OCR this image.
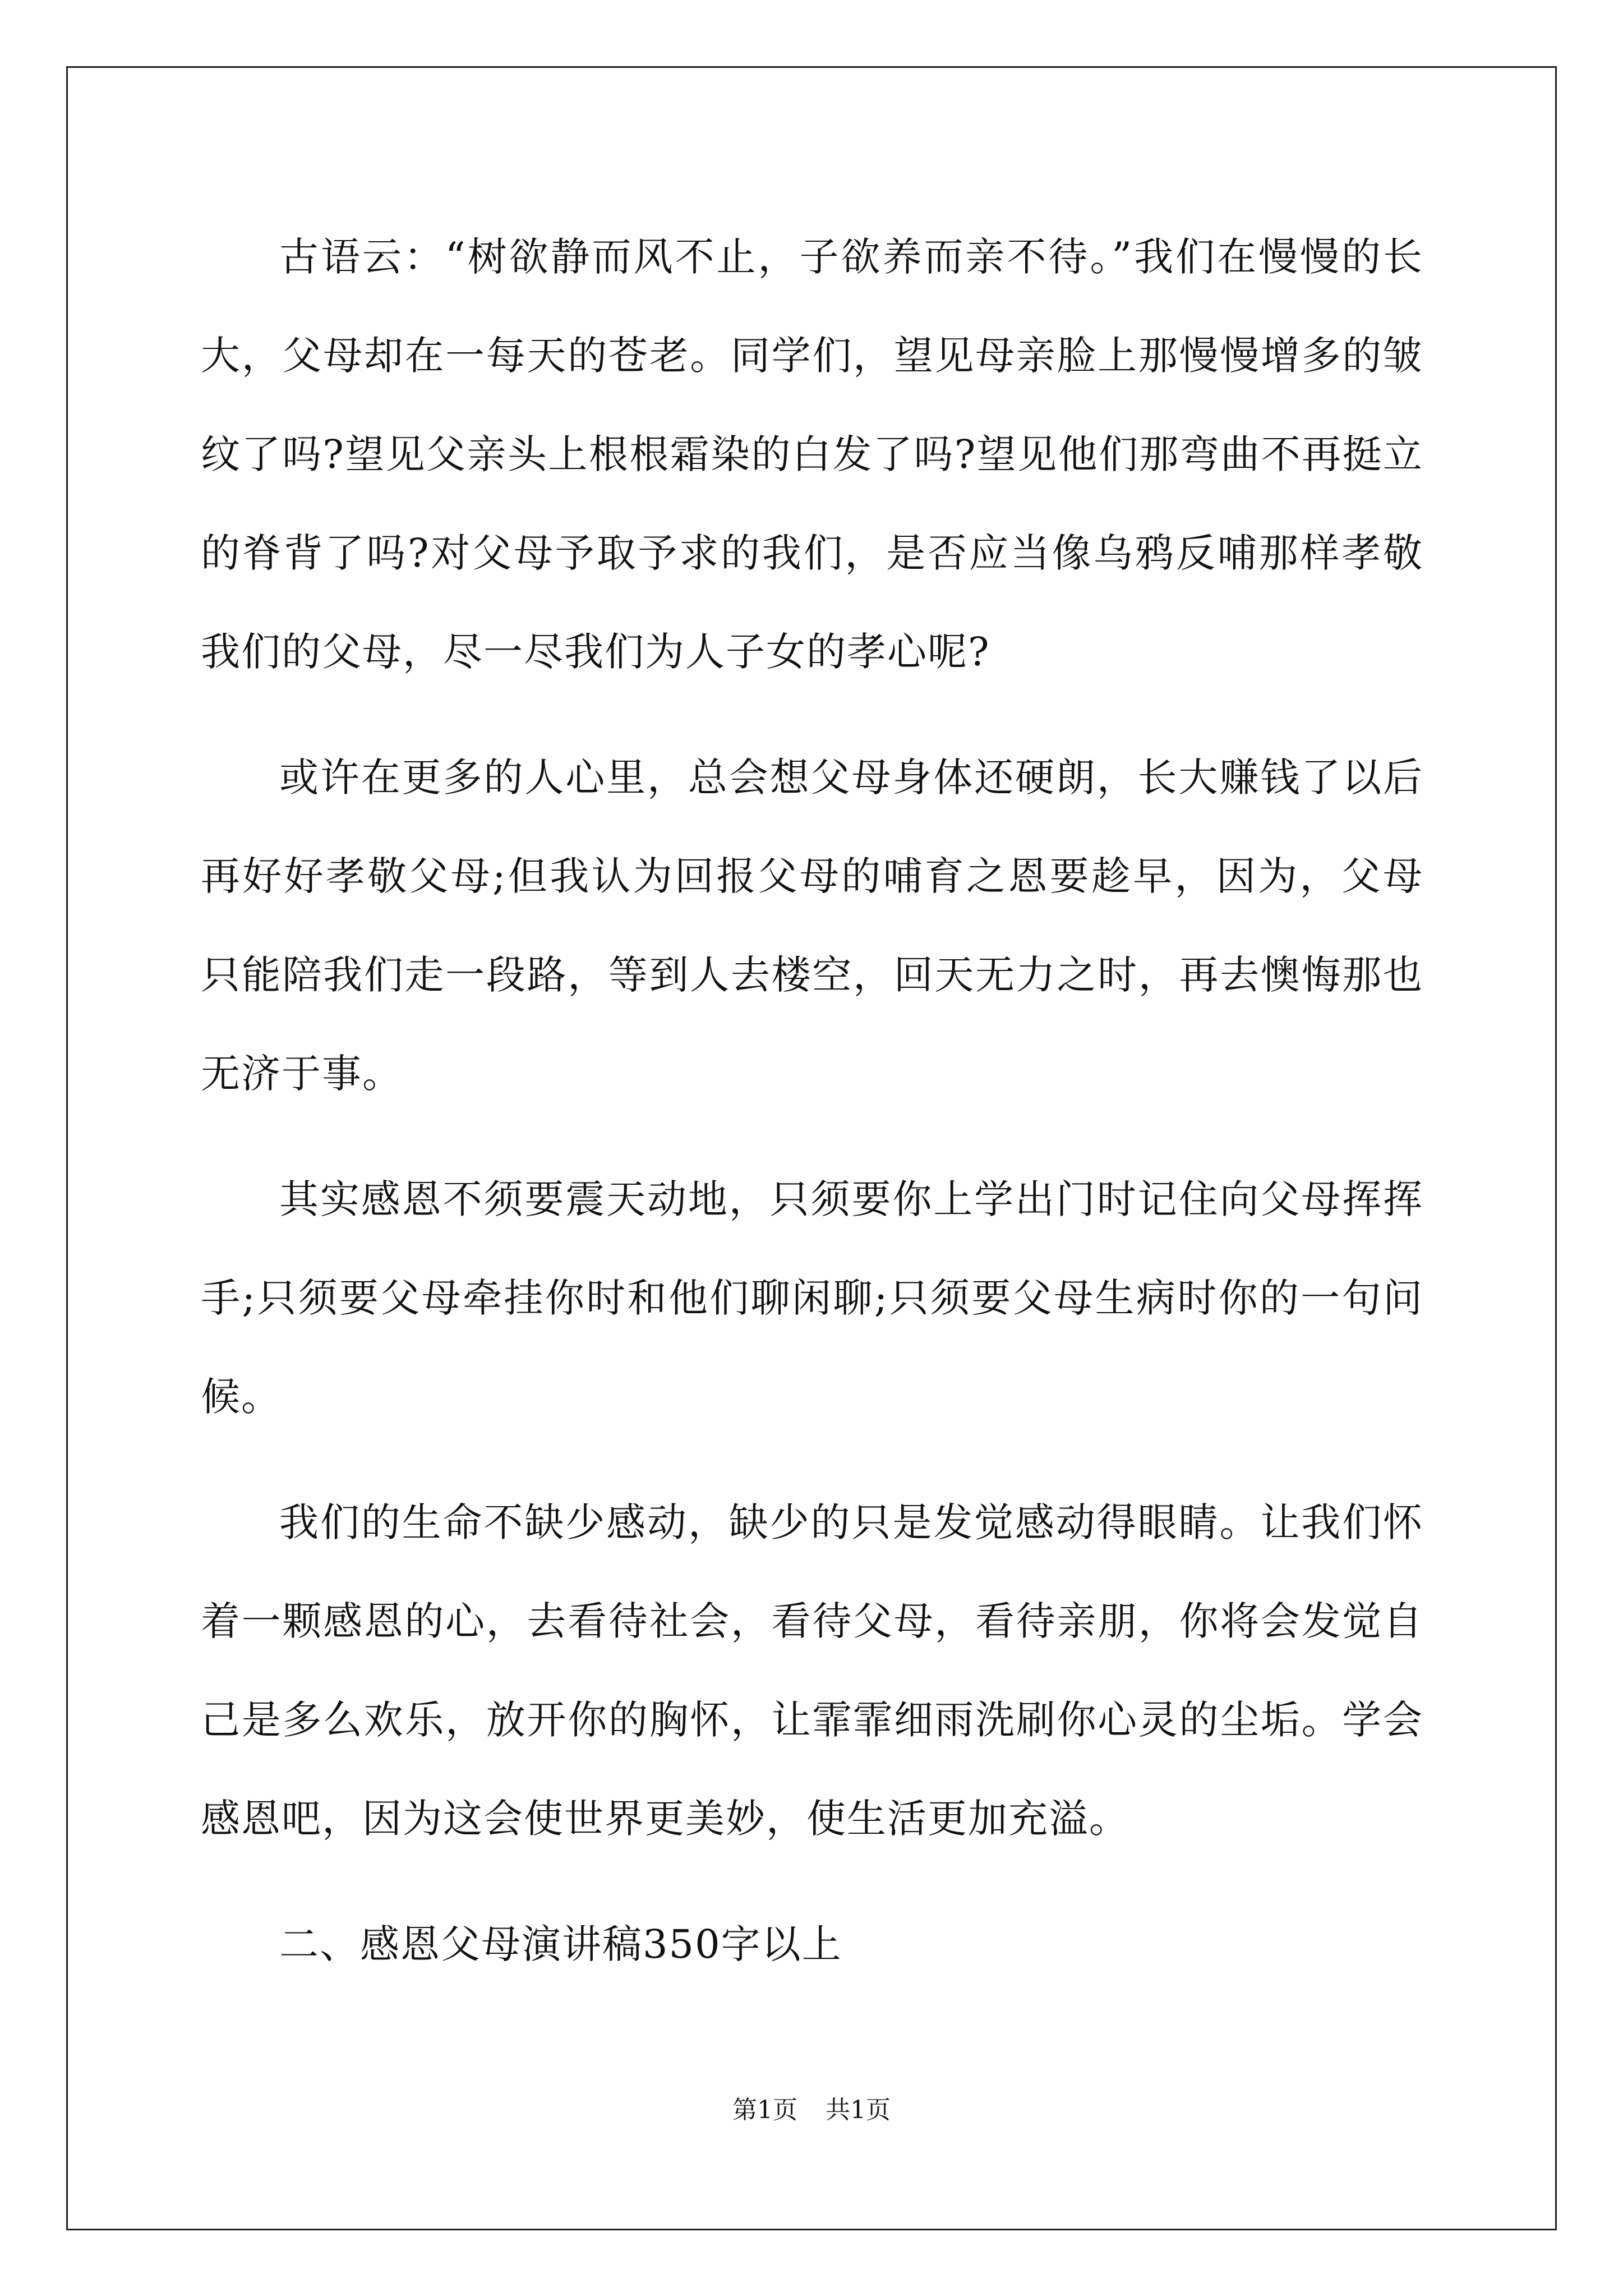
古语云：“树欲静而风不止，子欲养而亲不待。”我们在慢慢的长大，父母却在一每天的苍老。同学们，望见母亲脸上那慢慢增多的皱纹了吗?望见父亲头上根根霜染的白发了吗?望见他们那弯曲不再挺立的脊背了吗?对父母予取予求的我们，是否应当像乌鸦反哺那样孝敬我们的父母，尽一尽我们为人子女的孝心呢?

或许在更多的人心里，总会想父母身体还硬朗，长大赚钱了以后再好好孝敬父母;但我认为回报父母的哺育之恩要趁早，因为，父母只能陪我们走一段路，等到人去楼空，回天无力之时，再去懊悔那也无济于事。

其实感恩不须要震天动地，只须要你上学出门时记住向父母挥挥手;只须要父母牵挂你时和他们聊闲聊;只须要父母生病时你的一句问候。

我们的生命不缺少感动，缺少的只是发觉感动得眼睛。让我们怀着一颗感恩的心，去看待社会，看待父母，看待亲朋，你将会发觉自己是多么欢乐，放开你的胸怀，让霏霏细雨洗刷你心灵的尘垢。学会感恩吧，因为这会使世界更美妙，使生活更加充溢。

二、感恩父母演讲稿350字以上

第1页 共1页
